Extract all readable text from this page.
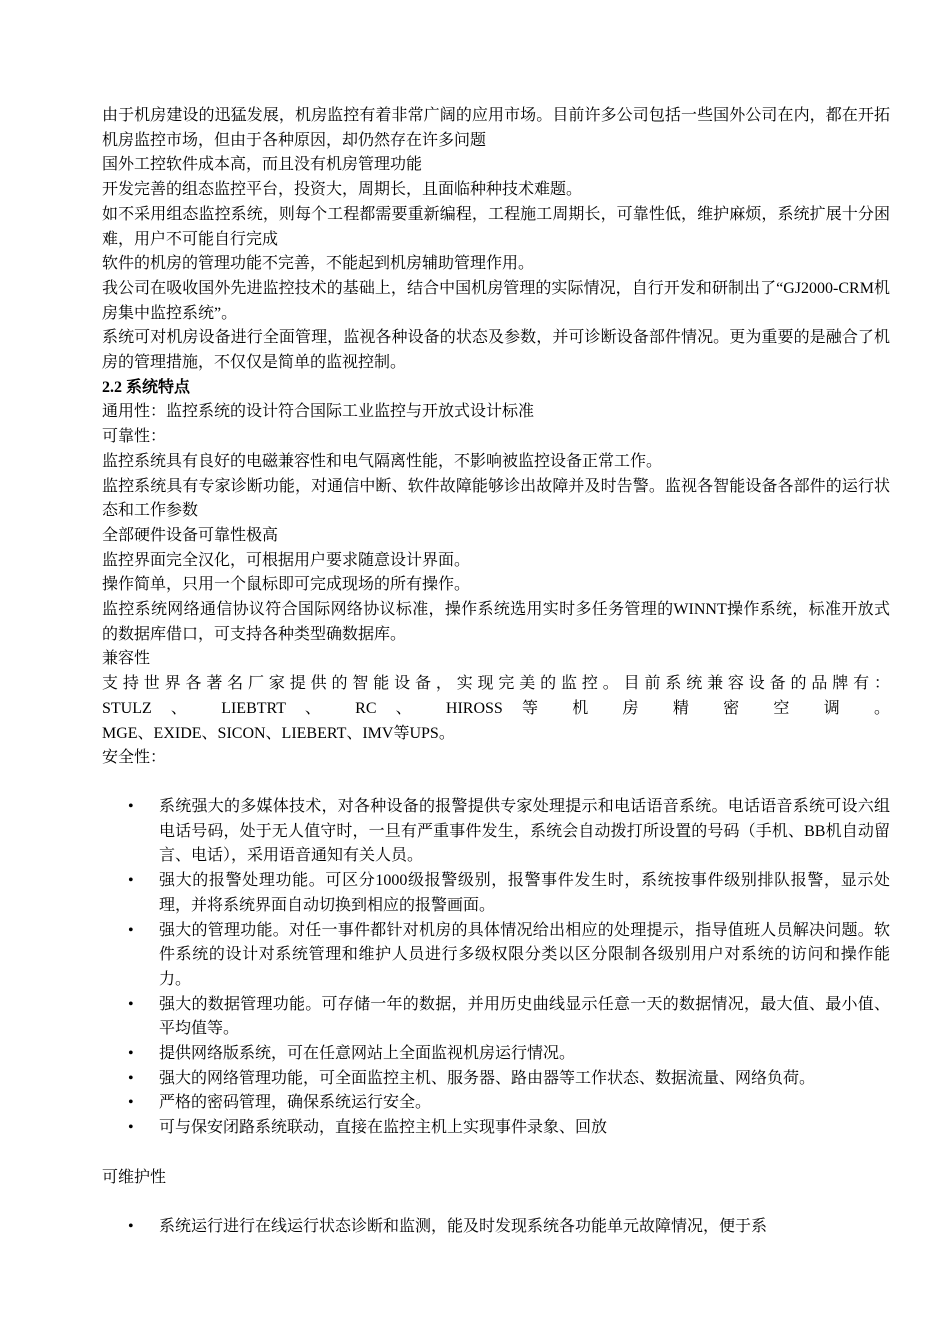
由于机房建设的迅猛发展，机房监控有着非常广阔的应用市场。目前许多公司包括一些国外公司在内，都在开拓机房监控市场，但由于各种原因，却仍然存在许多问题

国外工控软件成本高，而且没有机房管理功能

开发完善的组态监控平台，投资大，周期长，且面临种种技术难题。

如不采用组态监控系统，则每个工程都需要重新编程，工程施工周期长，可靠性低，维护麻烦，系统扩展十分困难，用户不可能自行完成

软件的机房的管理功能不完善，不能起到机房辅助管理作用。

我公司在吸收国外先进监控技术的基础上，结合中国机房管理的实际情况，自行开发和研制出了“GJ2000-CRM机房集中监控系统”。

系统可对机房设备进行全面管理，监视各种设备的状态及参数，并可诊断设备部件情况。更为重要的是融合了机房的管理措施，不仅仅是简单的监视控制。

2.2 系统特点

通用性：监控系统的设计符合国际工业监控与开放式设计标准

可靠性：

监控系统具有良好的电磁兼容性和电气隔离性能，不影响被监控设备正常工作。

监控系统具有专家诊断功能，对通信中断、软件故障能够诊出故障并及时告警。监视各智能设备各部件的运行状态和工作参数

全部硬件设备可靠性极高

监控界面完全汉化，可根据用户要求随意设计界面。

操作简单，只用一个鼠标即可完成现场的所有操作。

监控系统网络通信协议符合国际网络协议标准，操作系统选用实时多任务管理的WINNT操作系统，标准开放式的数据库借口，可支持各种类型确数据库。

兼容性

支持世界各著名厂家提供的智能设备，实现完美的监控。目前系统兼容设备的品牌有：

STULZ 、 LIEBTRT 、 RC 、 HIROSS 等 机 房 精 密 空 调 。

MGE、EXIDE、SICON、LIEBERT、IMV等UPS。

安全性：

• 系统强大的多媒体技术，对各种设备的报警提供专家处理提示和电话语音系统。电话语音系统可设六组电话号码，处于无人值守时，一旦有严重事件发生，系统会自动拨打所设置的号码（手机、BB机自动留言、电话），采用语音通知有关人员。
• 强大的报警处理功能。可区分1000级报警级别，报警事件发生时，系统按事件级别排队报警，显示处理，并将系统界面自动切换到相应的报警画面。
• 强大的管理功能。对任一事件都针对机房的具体情况给出相应的处理提示，指导值班人员解决问题。软件系统的设计对系统管理和维护人员进行多级权限分类以区分限制各级别用户对系统的访问和操作能力。
• 强大的数据管理功能。可存储一年的数据，并用历史曲线显示任意一天的数据情况，最大值、最小值、平均值等。
• 提供网络版系统，可在任意网站上全面监视机房运行情况。
• 强大的网络管理功能，可全面监控主机、服务器、路由器等工作状态、数据流量、网络负荷。
• 严格的密码管理，确保系统运行安全。
• 可与保安闭路系统联动，直接在监控主机上实现事件录象、回放

可维护性

• 系统运行进行在线运行状态诊断和监测，能及时发现系统各功能单元故障情况，便于系
